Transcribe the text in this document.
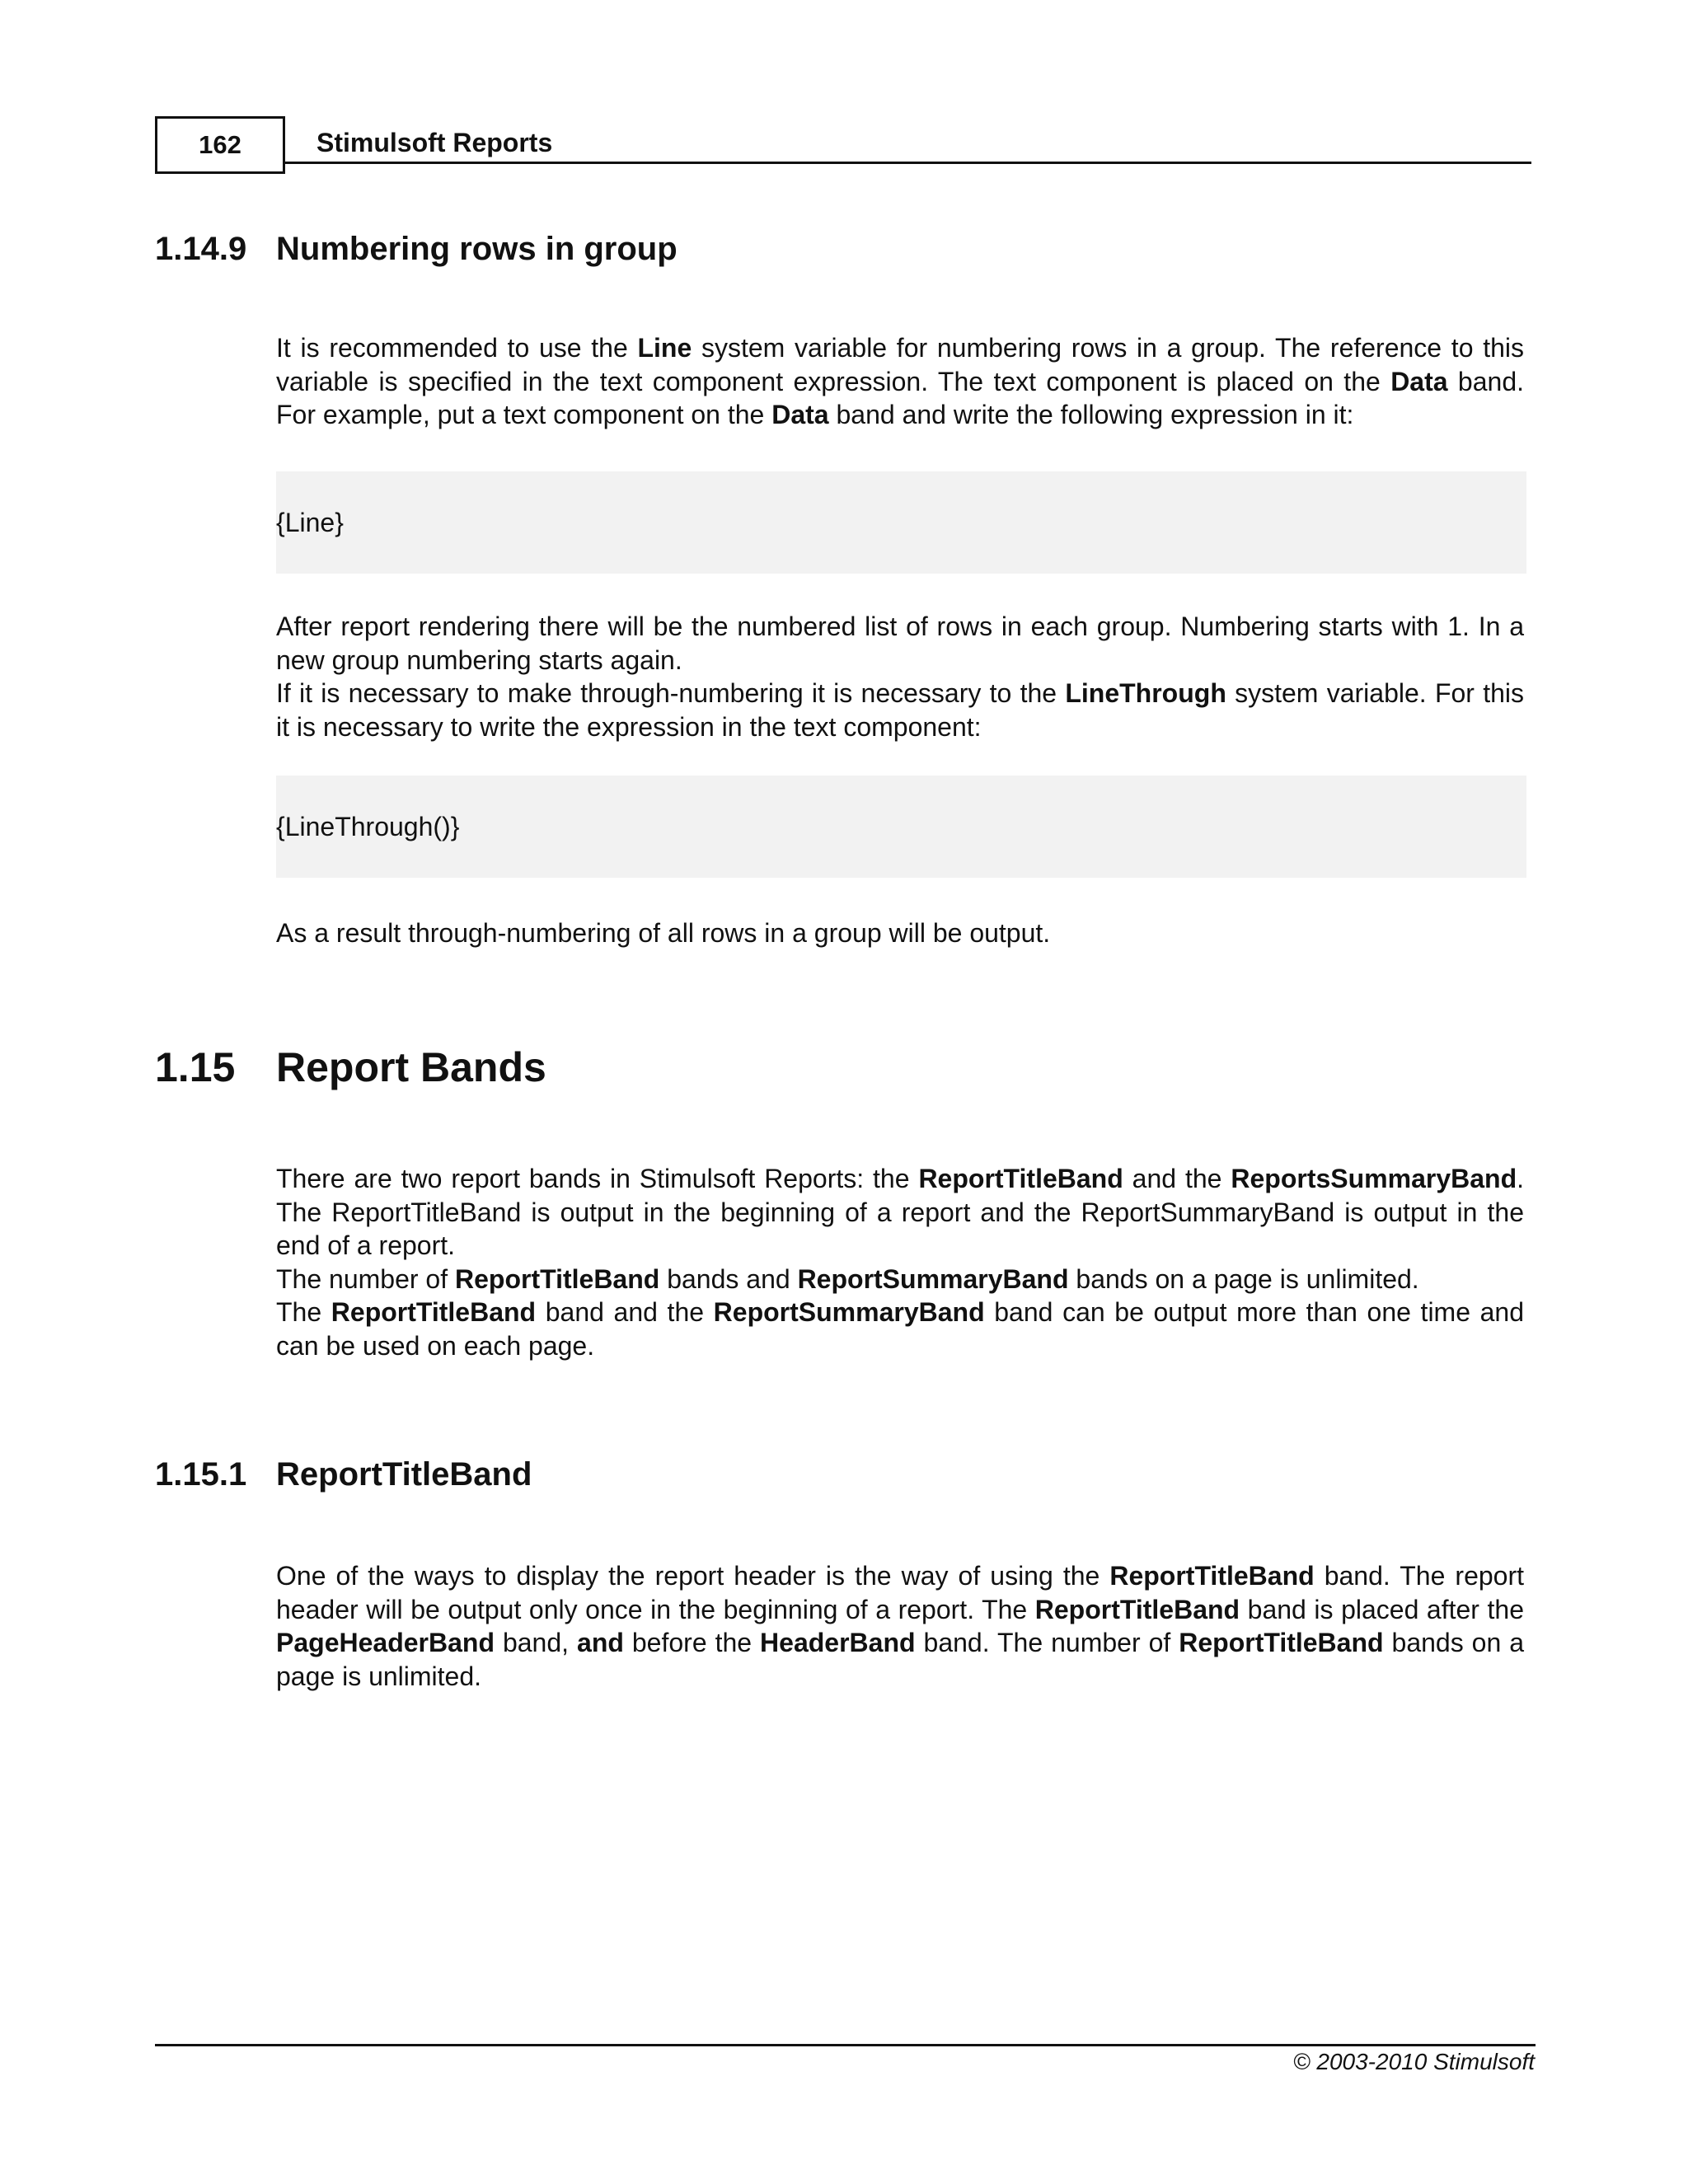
162	Stimulsoft Reports
1.14.9 Numbering rows in group

It is recommended to use the Line system variable for numbering rows in a group. The reference to this variable is specified in the text component expression. The text component is placed on the Data band. For example, put a text component on the Data band and write the following expression in it:

{Line}

After report rendering there will be the numbered list of rows in each group. Numbering starts with 1. In a new group numbering starts again.
If it is necessary to make through-numbering it is necessary to the LineThrough system variable. For this it is necessary to write the expression in the text component:

{LineThrough()}

As a result through-numbering of all rows in a group will be output.

1.15 Report Bands
There are two report bands in Stimulsoft Reports: the ReportTitleBand and the ReportsSummaryBand. The ReportTitleBand is output in the beginning of a report and the ReportSummaryBand is output in the end of a report.
The number of ReportTitleBand bands and ReportSummaryBand bands on a page is unlimited.
The ReportTitleBand band and the ReportSummaryBand band can be output more than one time and can be used on each page.
1.15.1 ReportTitleBand

One of the ways to display the report header is the way of using the ReportTitleBand band. The report header will be output only once in the beginning of a report. The ReportTitleBand band is placed after the PageHeaderBand band, and before the HeaderBand band. The number of ReportTitleBand bands on a page is unlimited.

© 2003-2010 Stimulsoft
